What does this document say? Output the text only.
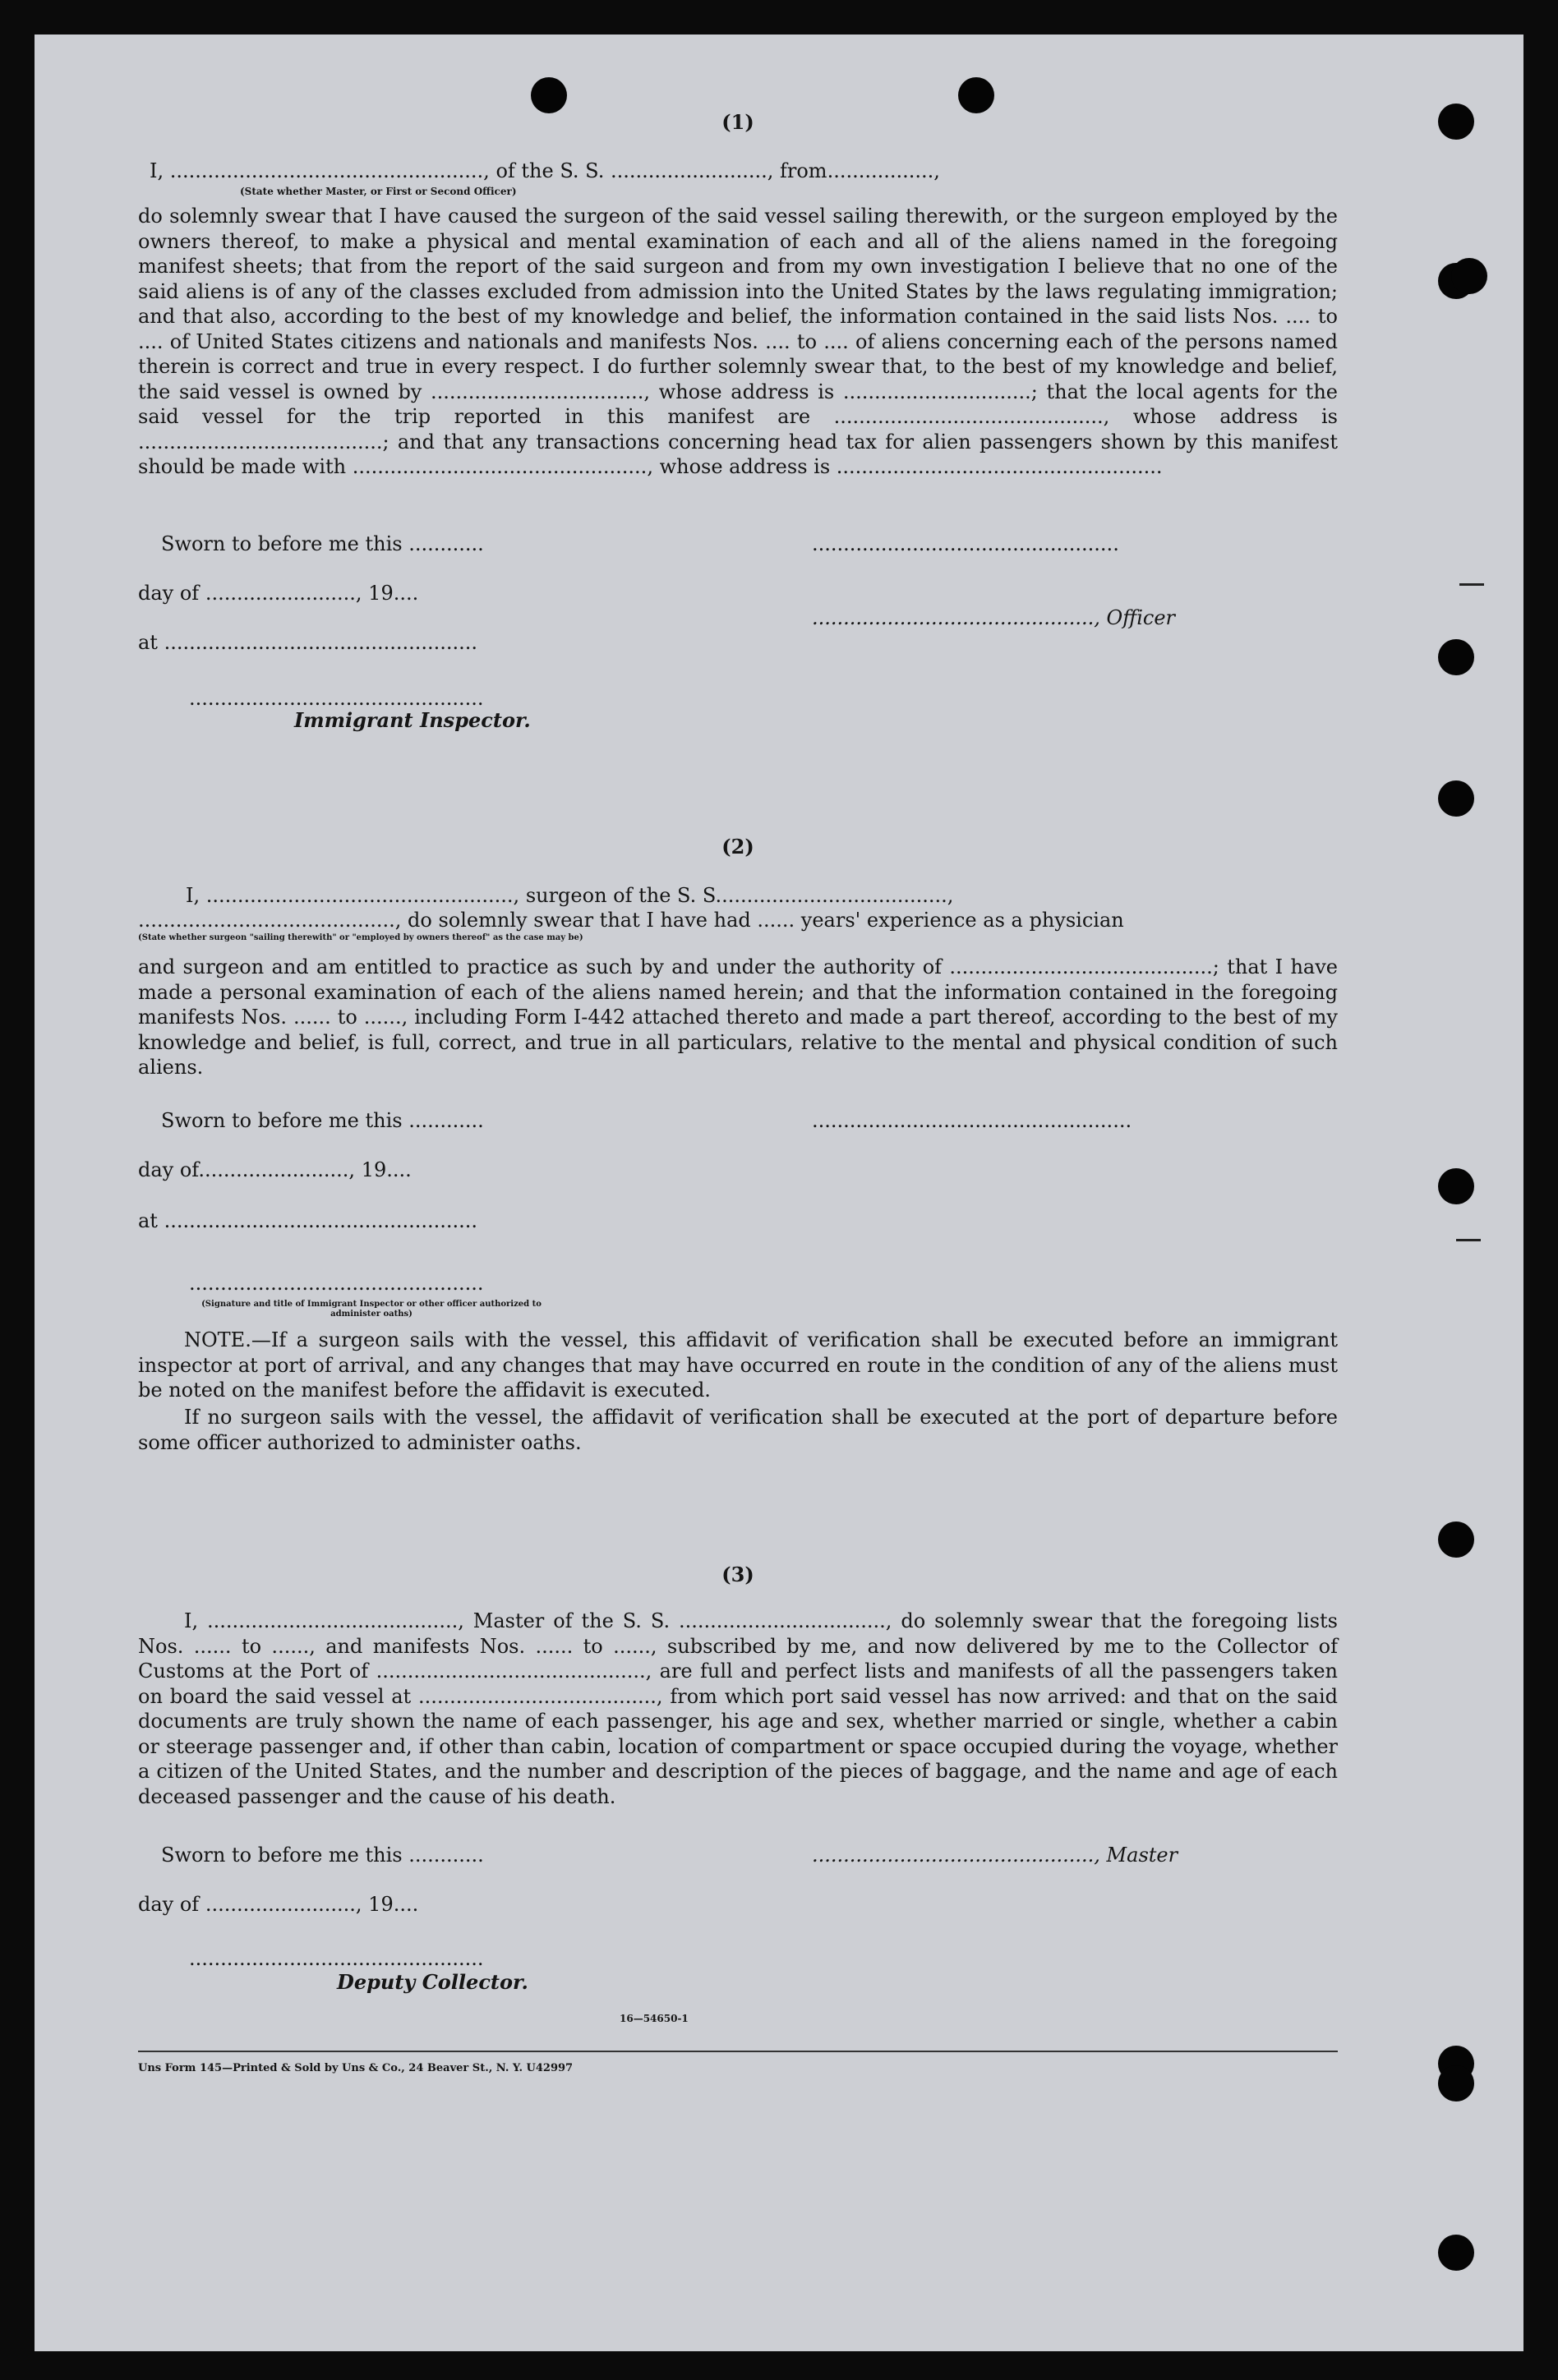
(1)
I, .................................................., of the S. S. ........................., from.................,
(State whether Master, or First or Second Officer)
do solemnly swear that I have caused the surgeon of the said vessel sailing therewith, or the surgeon employed by the owners thereof, to make a physical and mental examination of each and all of the aliens named in the foregoing manifest sheets; that from the report of the said surgeon and from my own investigation I believe that no one of the said aliens is of any of the classes excluded from admission into the United States by the laws regulating immigration; and that also, according to the best of my knowledge and belief, the information contained in the said lists Nos. .... to .... of United States citizens and nationals and manifests Nos. .... to .... of aliens concerning each of the persons named therein is correct and true in every respect. I do further solemnly swear that, to the best of my knowledge and belief, the said vessel is owned by .................................., whose address is ..............................; that the local agents for the said vessel for the trip reported in this manifest are ..........................................., whose address is .......................................; and that any transactions concerning head tax for alien passengers shown by this manifest should be made with ..............................................., whose address is ....................................................
Sworn to before me this ............	.................................................
day of ........................, 19....
............................................., Officer
at ..................................................
...............................................
Immigrant Inspector.
(2)
I, ................................................., surgeon of the S. S.....................................,
........................................., do solemnly swear that I have had ...... years' experience as a physician
(State whether surgeon "sailing therewith" or "employed by owners thereof" as the case may be)
and surgeon and am entitled to practice as such by and under the authority of ..........................................; that I have made a personal examination of each of the aliens named herein; and that the information contained in the foregoing manifests Nos. ...... to ......, including Form I-442 attached thereto and made a part thereof, according to the best of my knowledge and belief, is full, correct, and true in all particulars, relative to the mental and physical condition of such aliens.
Sworn to before me this ............	...................................................
day of........................, 19....
at ..................................................
...............................................
(Signature and title of Immigrant Inspector or other officer authorized to administer oaths)
NOTE.—If a surgeon sails with the vessel, this affidavit of verification shall be executed before an immigrant inspector at port of arrival, and any changes that may have occurred en route in the condition of any of the aliens must be noted on the manifest before the affidavit is executed.
If no surgeon sails with the vessel, the affidavit of verification shall be executed at the port of departure before some officer authorized to administer oaths.
(3)
I, ........................................, Master of the S. S. ................................., do solemnly swear that the foregoing lists Nos. ...... to ......, and manifests Nos. ...... to ......, subscribed by me, and now delivered by me to the Collector of Customs at the Port of ..........................................., are full and perfect lists and manifests of all the passengers taken on board the said vessel at ......................................, from which port said vessel has now arrived: and that on the said documents are truly shown the name of each passenger, his age and sex, whether married or single, whether a cabin or steerage passenger and, if other than cabin, location of compartment or space occupied during the voyage, whether a citizen of the United States, and the number and description of the pieces of baggage, and the name and age of each deceased passenger and the cause of his death.
Sworn to before me this ............	............................................., Master
day of ........................, 19....
...............................................
Deputy Collector.
16—54650-1
Uns Form 145—Printed & Sold by Uns & Co., 24 Beaver St., N. Y. U42997
